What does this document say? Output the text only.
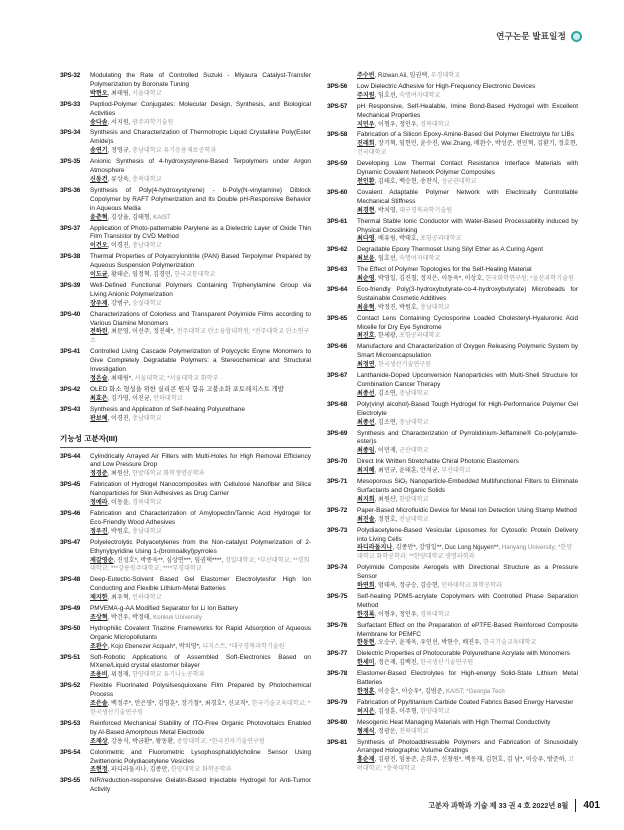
연구논문 발표일정
3PS-32	Modulating the Rate of Controlled Suzuki - Miyaura Catalyst-Transfer Polymerization by Boronate Tuning
박현오, 최태림, 서울대학교
3PS-33	Peptiod-Polymer Conjugates: Molecular Design, Synthesis, and Biological Activities
송다솜, 서지원, 광주과학기술원
3PS-34	Synthesis and Characterization of Thermotropic Liquid Crystalline Poly(Ester Amide)s
송연기, 정영규, 충남대학교 유기응용재료공학과
3PS-35	Anionic Synthesis of 4-hydroxystyrene-Based Terpolymers under Argon Atmosphere
신동건, 류상욱, 충북대학교
3PS-36	Synthesis of Poly(4-hydroxystyrene) - b-Poly(N-vinylamine) Diblock Copolymer by RAFT Polymerization and Its Double pH-Responsive Behavior in Aqueous Media
윤춘혁, 김상율, 김태형, KAIST
3PS-37	Application of Photo-patternable Parylene as a Dielectric Layer of Oxide Thin Film Transistor by CVD Method
이건오, 이경진, 충남대학교
3PS-38	Thermal Properties of Polyacrylonitrile (PAN) Based Terpolymer Prepared by Aqueous Suspension Polymerization
이도균, 황태순, 임정혁, 김경민, 한국교통대학교
3PS-39	Well-Defined Functional Polymers Containing Triphenylamine Group via Living Anionic Polymerization
장우재, 강범구, 숭실대학교
3PS-40	Characterizations of Colorless and Transparent Polyimide Films according to Various Diamine Monomers
전하린, 최문영, 이선주, 정진해*, 전주대학교 탄소융합대학원; *전주대학교 탄소연구소
3PS-41	Controlled Living Cascade Polymerization of Polycyclic Enyne Monomers to Give Completely Degradable Polymers: a Stereochemical and Structural Investigation
정온슬, 최태림*, 서울대학교; *서울대학교 화학부
3PS-42	OLED 화소 형성을 위한 실리콘 원자 함유 고불소화 포토레지스트 개발
최효은, 김가영, 이진균, 인하대학교
3PS-43	Synthesis and Application of Self-healing Polyurethane
판보혜, 이경진, 충남대학교
기능성 고분자(III)
3PS-44	Cylindrically Arrayed Air Filters with Multi-Holes for High Removal Efficiency and Low Pressure Drop
정경준, 최원산, 한밭대학교 화학생명공학과
3PS-45	Fabrication of Hydrogel Nanocomposites with Cellulose Nanofiber and Silica Nanoparticles for Skin Adhesives as Drug Carrier
정예라, 이동윤, 경북대학교
3PS-46	Fabrication and Characterization of Amylopectin/Tannic Acid Hydrogel for Eco-Friendly Wood Adhesives
정우진, 박원호, 충남대학교
3PS-47	Polyelectrolytic Polyacetylenes from the Non-catalyst Polymerization of 2-Ethynylpyridine Using 1-(bromoalkyl)pyrroles
제갈영순, 진성호*, 박종욱**, 심상연***, 임권택****, 경일대학교; *부산대학교; **경희대학교; ***강릉원주대학교; ****부경대학교
3PS-48	Deep-Eutectic-Solvent Based Gel Elastomer Electrolytesfor High Ion Conducting and Flexible Lithium-Metal Batteries
제지한, 최우혁, 인하대학교
3PS-49	PMVEMA-g-AA Modified Separator for Li Ion Battery
조상혁, 박건우, 박정태, Konkuk University
3PS-50	Hydrophilic Covalent Triazine Frameworks for Rapid Adsorption of Aqueous Organic Micropollutants
조완수, Kojo Ebenezer Acquah*, 박치영*, 디지스트; *대구경북과학기술원
3PS-51	Soft-Robotic Applications of Assembled Soft-Electronics Based on MXene/Liquid crystal elastomer bilayer
조용비, 위정재, 한양대학교 유기나노공학과
3PS-52	Flexible Fluorinated Polysilsesquioxane Film Prepared by Photochemical Process
조은솔, 백정주*, 안은영*, 김영훈*, 장기철*, 최경호*, 신교직*, 한국기술교육대학교; *한국생산기술연구원
3PS-53	Reinforced Mechanical Stability of ITO-Free Organic Photovoltaics Enabled by Al-Based Amorphous Metal Electrode
조재상, 강용식, 박금환*, 왕동환, 중앙대학교; *한국전자기술연구원
3PS-54	Colorimetric and Fluorometric Lysophosphatidylcholine Sensor Using Zwitterionic Polydiacetylene Vesicles
조현정, 파디라둘지나, 김종만, 한양대학교 화학공학과
3PS-55	NIR/reduction-responsive Gelatin-Based Injectable Hydrogel for Anti-Tumor Activity
주수빈, Rizwan Ali, 임권택, 부경대학교
3PS-56	Low Dielectric Adhesive for High-Frequency Electronic Devices
주지원, 임호선, 숙명여자대학교
3PS-57	pH Responsive, Self-Healable, Imine Bond-Based Hydrogel with Excellent Mechanical Properties
지민우, 이형우, 정인우, 경북대학교
3PS-58	Fabrication of a Silicon Epoxy-Amine-Based Gel Polymer Electrolyte for LIBs
진래희, 장기혁, 임헌민, 윤수진, Wei Zhang, 배완수, 박성준, 전민혁, 김환기, 정호현, 건국대학교
3PS-59	Developing Low Thermal Contact Resistance Interface Materials with Dynamic Covalent Network Polymer Composites
천인환, 김태호, 백승현, 송찬식, 성균관대학교
3PS-60	Covalent Adaptable Polymer Network with Electrically Controllable Mechanical Stiffness
최경현, 박치영, 대구경북과학기술원
3PS-61	Thermal Stable Ionic Conductor with Water-Based Processability induced by Physical Crosslinking
최다영, 배유림, 박태호, 포항공과대학교
3PS-62	Degradable Epoxy Thermoset Using Silyl Ether as A Curing Agent
최보윤, 임호선, 숙명여자대학교
3PS-63	The Effect of Polymer Topologies for the Self-Healing Material
최순영, 박영일, 김진철, 정지은, 이동욱*, 이상호, 한국화학연구원; *울산과학기술원
3PS-64	Eco-friendly Poly(3-hydroxybutyrate-co-4-hydroxybutyrate) Microbeads for Sustainable Cosmetic Additives
최윤혁, 박정진, 박원호, 충남대학교
3PS-65	Contact Lens Containing Cyclosporine Loaded Cholesteryl-Hyaluronic Acid Micelle for Dry Eye Syndrome
최진호, 한세광, 포항공과대학교
3PS-66	Manufacture and Characterization of Oxygen Releasing Polymeric System by Smart Microencapsulation
최정연, 한국생산기술연구원
3PS-67	Lanthanide-Doped Upconversion Nanoparticles with Multi-Shell Structure for Combination Cancer Therapy
최종선, 김소연, 충남대학교
3PS-68	Poly(vinyl alcohol)-Based Tough Hydrogel for High-Performance Polymer Gel Electrolyte
최종선, 김소연, 충남대학교
3PS-69	Synthesis and Characterization of Pyrrolidinium-Jeffamine® Co-poly(amide-ester)s
최종임, 이민재, 군산대학교
3PS-70	Direct Ink Written Stretchable Chiral Photonic Elastomers
최지혜, 최민규, 윤태훈, 안석균, 부산대학교
3PS-71	Mesoporous SiO₂ Nanoparticle-Embedded Multifunctional Filters to Eliminate Surfactants and Organic Solids
최지희, 최원산, 한밭대학교
3PS-72	Paper-Based Microfluidic Device for Metal Ion Detection Using Stamp Method
최진솔, 정현호, 전남대학교
3PS-73	Polydiacetylene-Based Vesicular Liposomes for Cytosolic Protein Delivery into Living Cells
파디라둘지나, 김종만*, 강영일**, Duc Long Nguyen**, Hanyang University; *한양대학교 화학공학과; **한양대학교 생명과학과
3PS-74	Polyimide Composite Aerogels with Directional Structure as a Pressure Sensor
하연희, 엄태욱, 정규승, 김승현, 인하대학교 화학공학과
3PS-75	Self-healing PDMS-acrylate Copolymers with Controlled Phase Separation Method
한경록, 이형우, 정인우, 경북대학교
3PS-76	Surfactant Effect on the Preparation of ePTFE-Based Reinforced Composite Membrane for PEMFC
한동현, 오승구, 윤재욱, 우인선, 박현수, 배진우, 한국기술교육대학교
3PS-77	Dielectric Properties of Photocurable Polyurethane Acrylate with Monomers
한세미, 정은재, 김백진, 한국생산기술연구원
3PS-78	Elastomer-Based Electrolytes for High-energy Solid-State Lithium Metal Batteries
한정훈, 이승훈*, 이승우*, 김범준, KAIST; *Georgia Tech
3PS-79	Fabrication of Ppy/titanium Carbide Coated Fabrics Based Energy Harvester
허지은, 김성훈, 이주형, 한양대학교
3PS-80	Mesogenic Heat Managing Materials with High Thermal Conductivity
형재식, 정광운, 전북대학교
3PS-81	Synthesis of Photoaddressable Polymers and Fabrication of Sinusoidally Arranged Holographic Volume Gratings
홍순재, 김광진, 임용준, 손희주, 신창원*, 백동재, 김현호, 김 남*, 이승우, 방준하, 고려대학교; *충북대학교
고분자 과학과 기술 제 33 권 4 호 2022년 8월 401
